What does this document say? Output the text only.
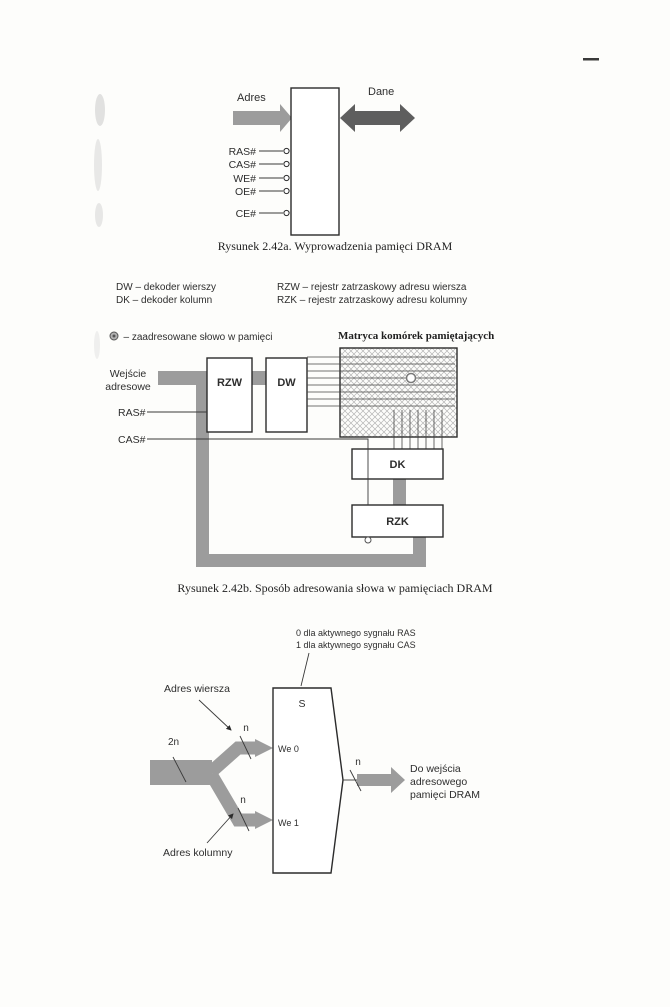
Adres	Dane
RAS#
CAS#
WE#
OE#
CE#
Rysunek 2.42a. Wyprowadzenia pamięci DRAM
DW – dekoder wierszy
DK – dekoder kolumn
RZW – rejestr zatrzaskowy adresu wiersza
RZK – rejestr zatrzaskowy adresu kolumny
– zaadresowane słowo w pamięci	Matryca komórek pamiętających
Wejście
adresowe	RZW	DW
DK
RZK
RAS#
CAS#
Rysunek 2.42b. Sposób adresowania słowa w pamięciach DRAM
0 dla aktywnego sygnału RAS
1 dla aktywnego sygnału CAS
S
We 0
We 1
Adres wiersza
Adres kolumny
2n
n
n
n
Do wejścia
adresowego
pamięci DRAM
